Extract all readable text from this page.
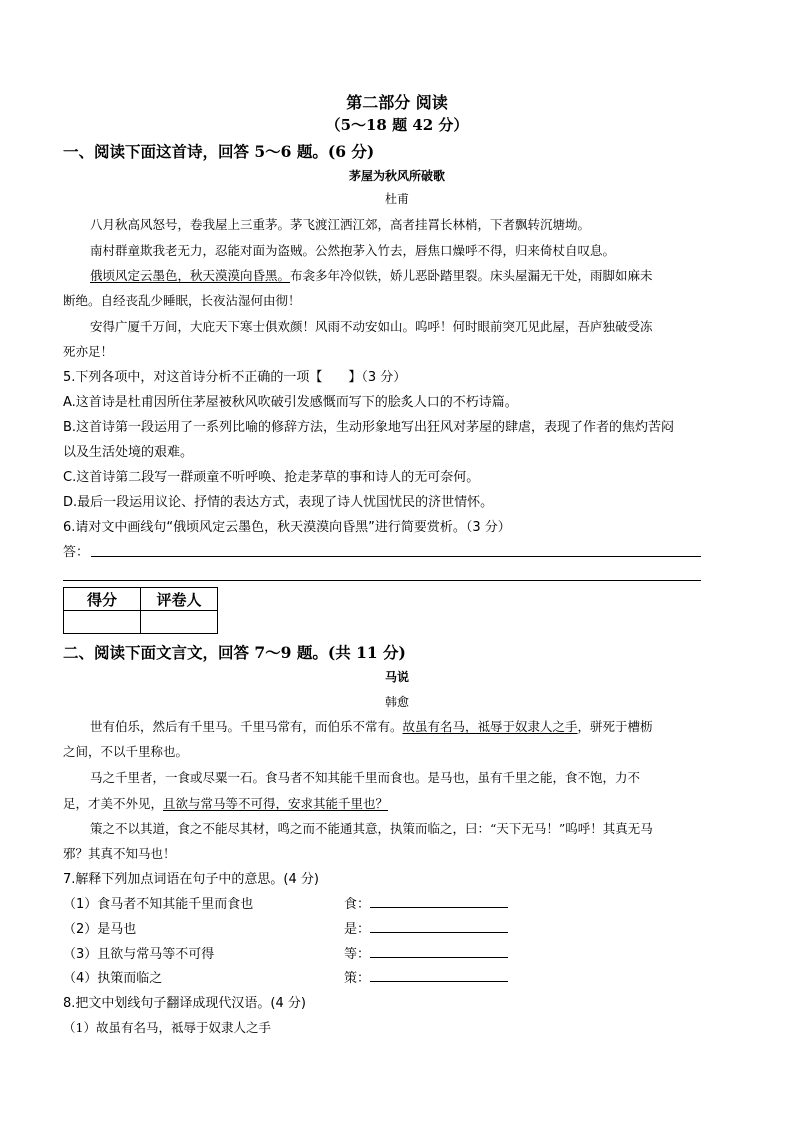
第二部分 阅读
（5～18 题 42 分）
一、阅读下面这首诗，回答 5～6 题。(6 分)
茅屋为秋风所破歌
杜甫
八月秋高风怒号，卷我屋上三重茅。茅飞渡江洒江郊，高者挂罥长林梢，下者飘转沉塘坳。
南村群童欺我老无力，忍能对面为盗贼。公然抱茅入竹去，唇焦口燥呼不得，归来倚杖自叹息。
俄顷风定云墨色，秋天漠漠向昏黑。布衾多年冷似铁，娇儿恶卧踏里裂。床头屋漏无干处，雨脚如麻未
断绝。自经丧乱少睡眠，长夜沾湿何由彻！
安得广厦千万间，大庇天下寒士俱欢颜！风雨不动安如山。呜呼！何时眼前突兀见此屋，吾庐独破受冻
死亦足！
5.下列各项中，对这首诗分析不正确的一项【　　】（3 分）
A.这首诗是杜甫因所住茅屋被秋风吹破引发感慨而写下的脍炙人口的不朽诗篇。
B.这首诗第一段运用了一系列比喻的修辞方法，生动形象地写出狂风对茅屋的肆虐，表现了作者的焦灼苦闷
以及生活处境的艰难。
C.这首诗第二段写一群顽童不听呼唤、抢走茅草的事和诗人的无可奈何。
D.最后一段运用议论、抒情的表达方式，表现了诗人忧国忧民的济世情怀。
6.请对文中画线句“俄顷风定云墨色，秋天漠漠向昏黑”进行简要赏析。（3 分）
答：
得分	评卷人

二、阅读下面文言文，回答 7～9 题。(共 11 分)
马说
韩愈
世有伯乐，然后有千里马。千里马常有，而伯乐不常有。故虽有名马，祗辱于奴隶人之手，骈死于槽枥
之间，不以千里称也。
马之千里者，一食或尽粟一石。食马者不知其能千里而食也。是马也，虽有千里之能，食不饱，力不
足，才美不外见，且欲与常马等不可得，安求其能千里也？
策之不以其道，食之不能尽其材，鸣之而不能通其意，执策而临之，曰：“天下无马！”呜呼！其真无马
邪？其真不知马也！
7.解释下列加点词语在句子中的意思。(4 分)
（1）食马者不知其能千里而食也	食：
（2）是马也	是：
（3）且欲与常马等不可得	等：
（4）执策而临之	策：
8.把文中划线句子翻译成现代汉语。(4 分)
（1）故虽有名马，祗辱于奴隶人之手
